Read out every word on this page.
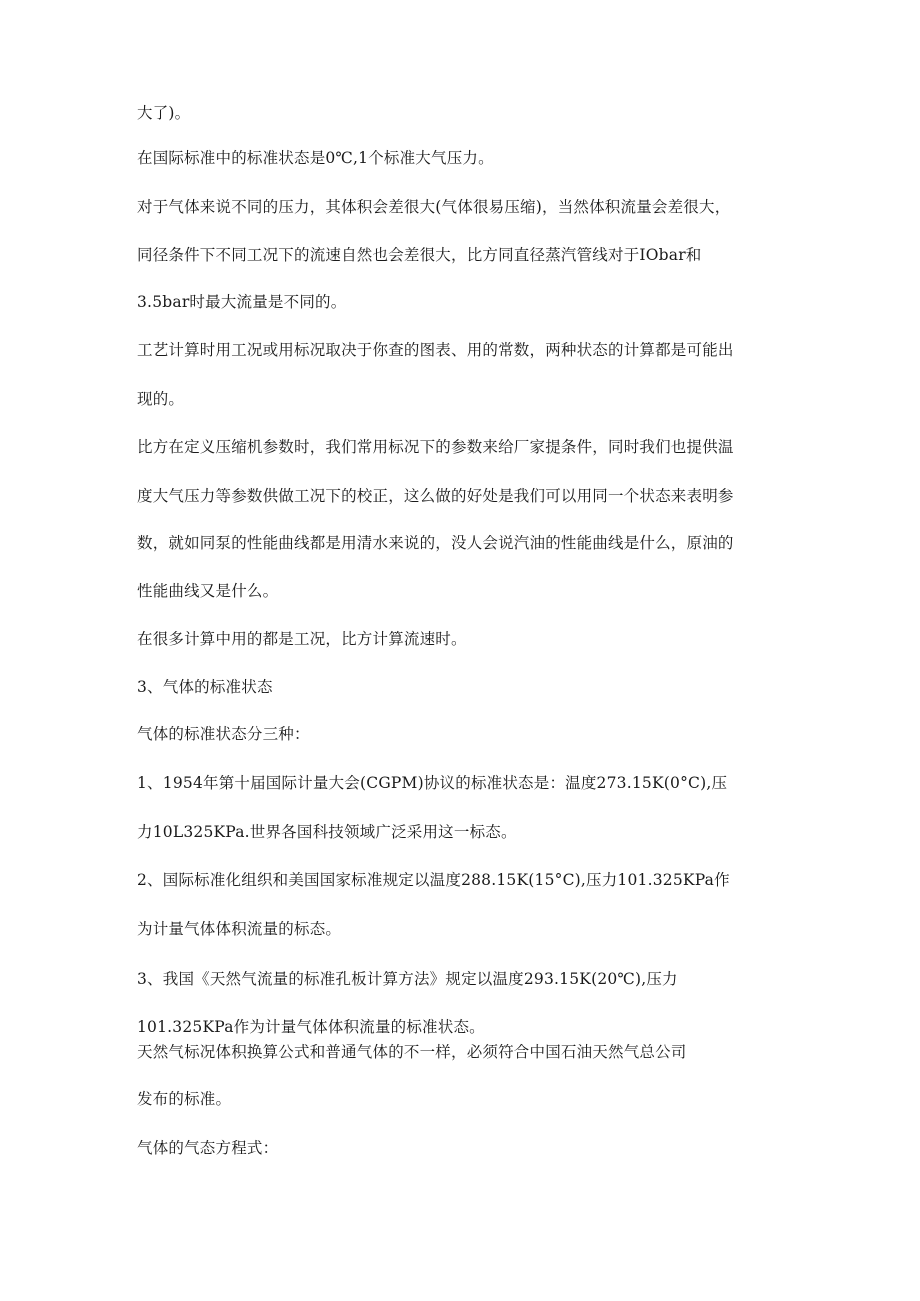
大了)。
在国际标准中的标准状态是0℃,1个标准大气压力。
对于气体来说不同的压力，其体积会差很大(气体很易压缩)，当然体积流量会差很大，
同径条件下不同工况下的流速自然也会差很大，比方同直径蒸汽管线对于IObar和
3.5bar时最大流量是不同的。
工艺计算时用工况或用标况取决于你查的图表、用的常数，两种状态的计算都是可能出
现的。
比方在定义压缩机参数时，我们常用标况下的参数来给厂家提条件，同时我们也提供温
度大气压力等参数供做工况下的校正，这么做的好处是我们可以用同一个状态来表明参
数，就如同泵的性能曲线都是用清水来说的，没人会说汽油的性能曲线是什么，原油的
性能曲线又是什么。
在很多计算中用的都是工况，比方计算流速时。
3、气体的标准状态
气体的标准状态分三种：
1、1954年第十届国际计量大会(CGPM)协议的标准状态是：温度273.15K(0°C),压
力10L325KPa.世界各国科技领域广泛采用这一标态。
2、国际标准化组织和美国国家标准规定以温度288.15K(15°C),压力101.325KPa作
为计量气体体积流量的标态。
3、我国《天然气流量的标准孔板计算方法》规定以温度293.15K(20℃),压力
101.325KPa作为计量气体体积流量的标准状态。
天然气标况体积换算公式和普通气体的不一样，必须符合中国石油天然气总公司
发布的标准。
气体的气态方程式：
